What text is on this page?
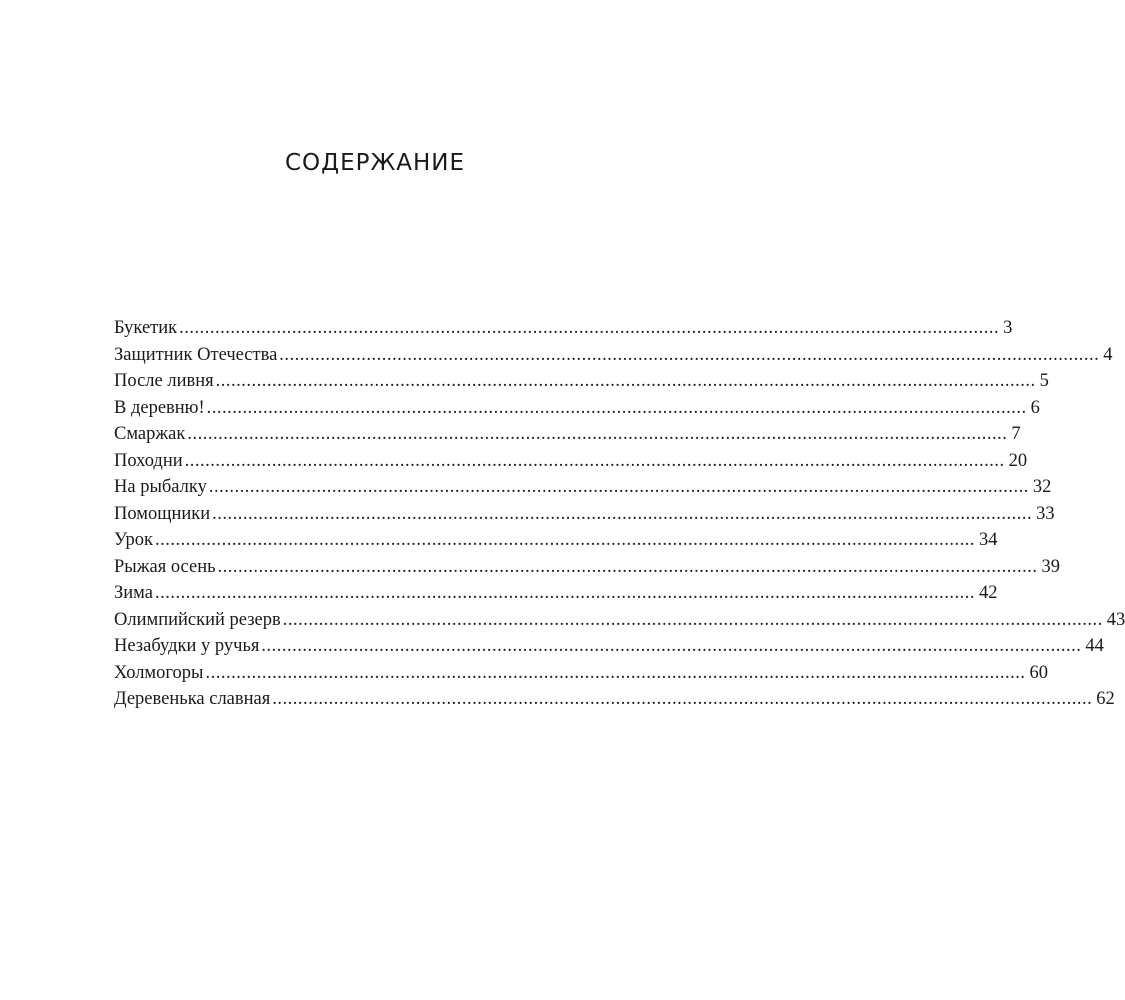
СОДЕРЖАНИЕ
Букетик ................................................................................................................................................................ 3
Защитник Отечества ................................................................................................................................................................ 4
После ливня ................................................................................................................................................................ 5
В деревню! ................................................................................................................................................................ 6
Смаржак ................................................................................................................................................................ 7
Походни ................................................................................................................................................................ 20
На рыбалку ................................................................................................................................................................ 32
Помощники ................................................................................................................................................................ 33
Урок ................................................................................................................................................................ 34
Рыжая осень ................................................................................................................................................................ 39
Зима ................................................................................................................................................................ 42
Олимпийский резерв ................................................................................................................................................................ 43
Незабудки у ручья ................................................................................................................................................................ 44
Холмогоры ................................................................................................................................................................ 60
Деревенька славная ................................................................................................................................................................ 62
